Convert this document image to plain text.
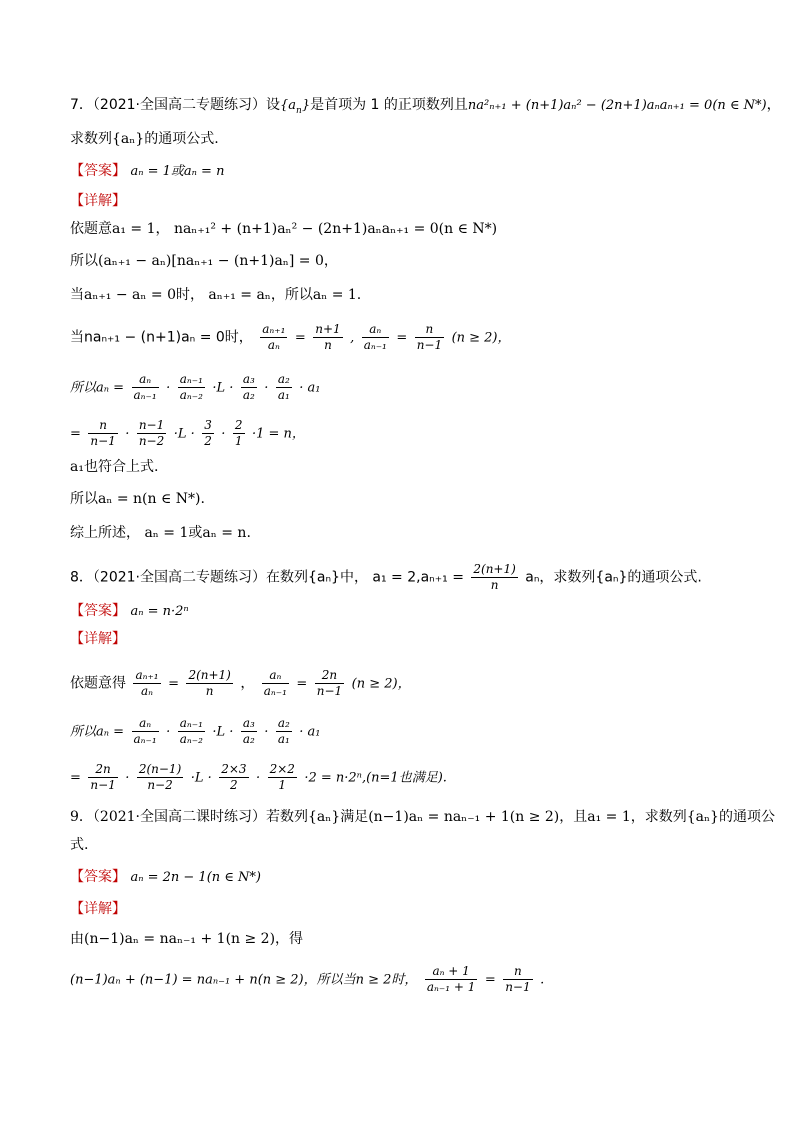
7．（2021·全国高二专题练习）设$\{a_n\}$是首项为 1 的正项数列且na²ₙ₊₁ + (n+1)aₙ² − (2n+1)aₙaₙ₊₁ = 0(n ∈ N*)，
求数列{aₙ}的通项公式.
【答案】 aₙ = 1或aₙ = n
【详解】
依题意a₁ = 1， naₙ₊₁² + (n+1)aₙ² − (2n+1)aₙaₙ₊₁ = 0(n ∈ N*)
所以(aₙ₊₁ − aₙ)[naₙ₊₁ − (n+1)aₙ] = 0，
当aₙ₊₁ − aₙ = 0时， aₙ₊₁ = aₙ，所以aₙ = 1.
当naₙ₊₁ − (n+1)aₙ = 0时， $\frac{\text{aₙ₊₁}}{\text{aₙ}} = \frac{n+1}{n}$ , $\frac{\text{aₙ}}{\text{aₙ₋₁}} = \frac{n}{n-1} (n \ge 2)$，
所以$a_n = \frac{\text{aₙ}}{\text{aₙ₋₁}} \cdot \frac{\text{aₙ₋₁}}{\text{aₙ₋₂}} \cdot L \cdot \frac{\text{a₃}}{\text{a₂}} \cdot \frac{\text{a₂}}{\text{a₁}} \cdot a_1$
= $\frac{n}{n-1} \cdot \frac{n-1}{n-2} \cdot L \cdot \frac{3}{2} \cdot \frac{2}{1} \cdot 1 = n$，
a₁也符合上式.
所以aₙ = n(n ∈ N*).
综上所述， aₙ = 1或aₙ = n.
8．（2021·全国高二专题练习）在数列{aₙ}中， $a_1 = 2,a_{n+1} = \frac{2(n+1)}{n}$ aₙ，求数列{aₙ}的通项公式.
【答案】 aₙ = n·2ⁿ
【详解】
依题意得 $\frac{\text{aₙ₊₁}}{\text{aₙ}} = \frac{2(n+1)}{n}$ ， $\frac{\text{aₙ}}{\text{aₙ₋₁}} = \frac{2n}{n-1} (n \ge 2)$，
所以$a_n = \frac{\text{aₙ}}{\text{aₙ₋₁}} \cdot \frac{\text{aₙ₋₁}}{\text{aₙ₋₂}} \cdot L \cdot \frac{\text{a₃}}{\text{a₂}} \cdot \frac{\text{a₂}}{\text{a₁}} \cdot a_1$
= $\frac{2n}{n-1} \cdot \frac{2(n-1)}{n-2} \cdot L \cdot \frac{2\times 3}{2} \cdot \frac{2\times 2}{1} \cdot 2 = n\cdot 2^n,(n=1$也满足).
9．（2021·全国高二课时练习）若数列{aₙ}满足(n−1)aₙ = naₙ₋₁ + 1(n ≥ 2)，且a₁ = 1，求数列{aₙ}的通项公
式.
【答案】 aₙ = 2n − 1(n ∈ N*)
【详解】
由(n−1)aₙ = naₙ₋₁ + 1(n ≥ 2)，得
(n−1)aₙ + (n−1) = naₙ₋₁ + n(n ≥ 2)，所以当n ≥ 2时， $\frac{\text{aₙ + 1}}{\text{aₙ₋₁ + 1}} = \frac{n}{n-1}$ .
